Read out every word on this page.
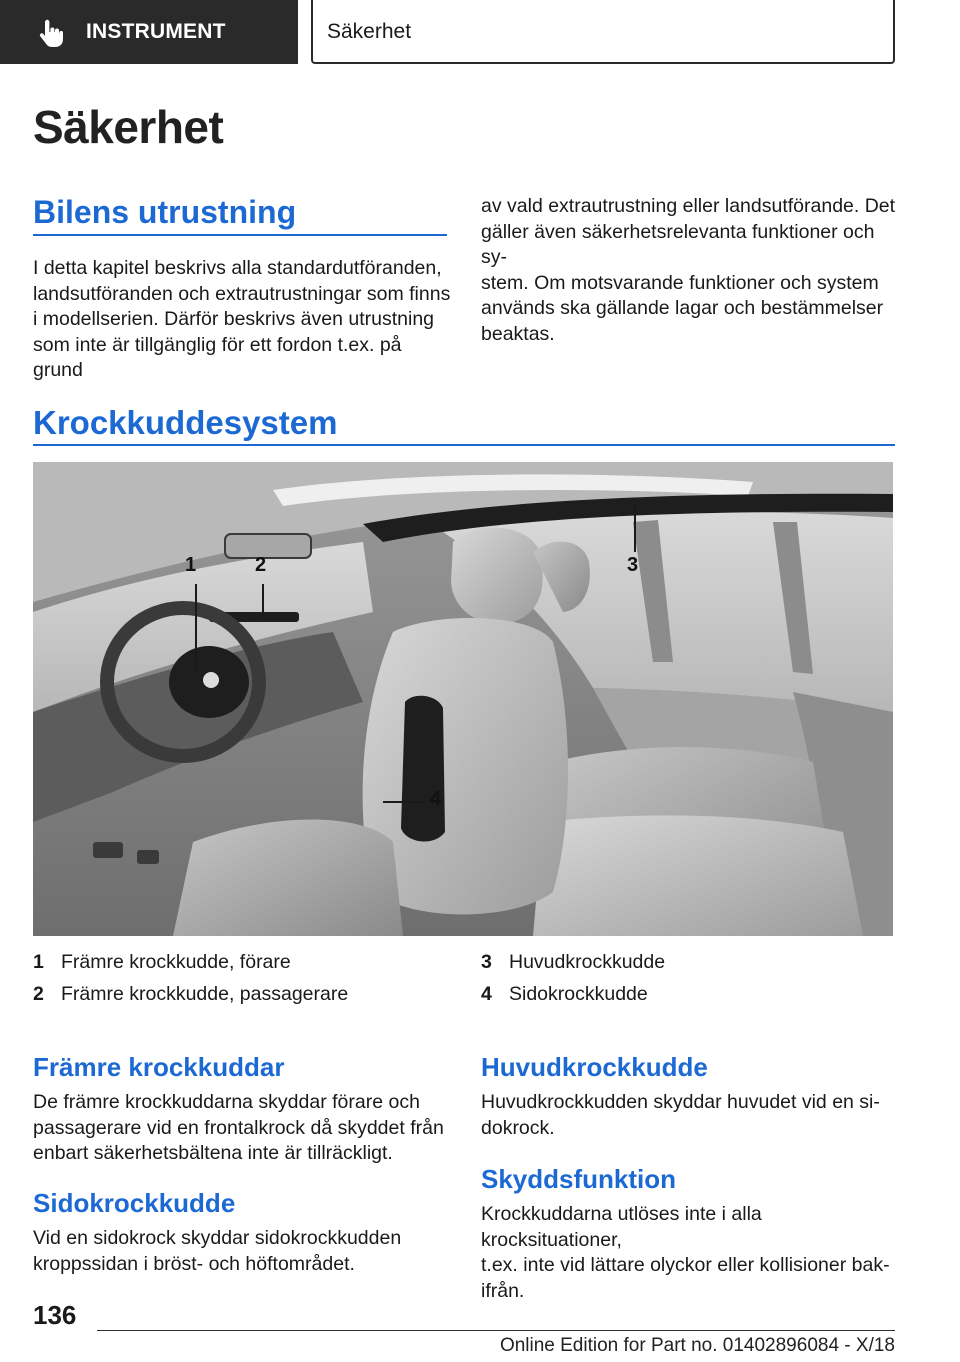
INSTRUMENT	Säkerhet
Säkerhet
Bilens utrustning
I detta kapitel beskrivs alla standardutföranden,
landsutföranden och extrautrustningar som finns
i modellserien. Därför beskrivs även utrustning
som inte är tillgänglig för ett fordon t.ex. på grund
av vald extrautrustning eller landsutförande. Det
gäller även säkerhetsrelevanta funktioner och sy‐
stem. Om motsvarande funktioner och system
används ska gällande lagar och bestämmelser
beaktas.
Krockkuddesystem
1	2	3
4
1 Främre krockkudde, förare
2 Främre krockkudde, passagerare
3 Huvudkrockkudde
4 Sidokrockkudde
Främre krockkuddar
De främre krockkuddarna skyddar förare och
passagerare vid en frontalkrock då skyddet från
enbart säkerhetsbältena inte är tillräckligt.
Sidokrockkudde
Vid en sidokrock skyddar sidokrockkudden
kroppssidan i bröst- och höftområdet.
Huvudkrockkudde
Huvudkrockkudden skyddar huvudet vid en si‐
dokrock.
Skyddsfunktion
Krockkuddarna utlöses inte i alla krocksituationer,
t.ex. inte vid lättare olyckor eller kollisioner bak‐
ifrån.
136
Online Edition for Part no. 01402896084 - X/18
